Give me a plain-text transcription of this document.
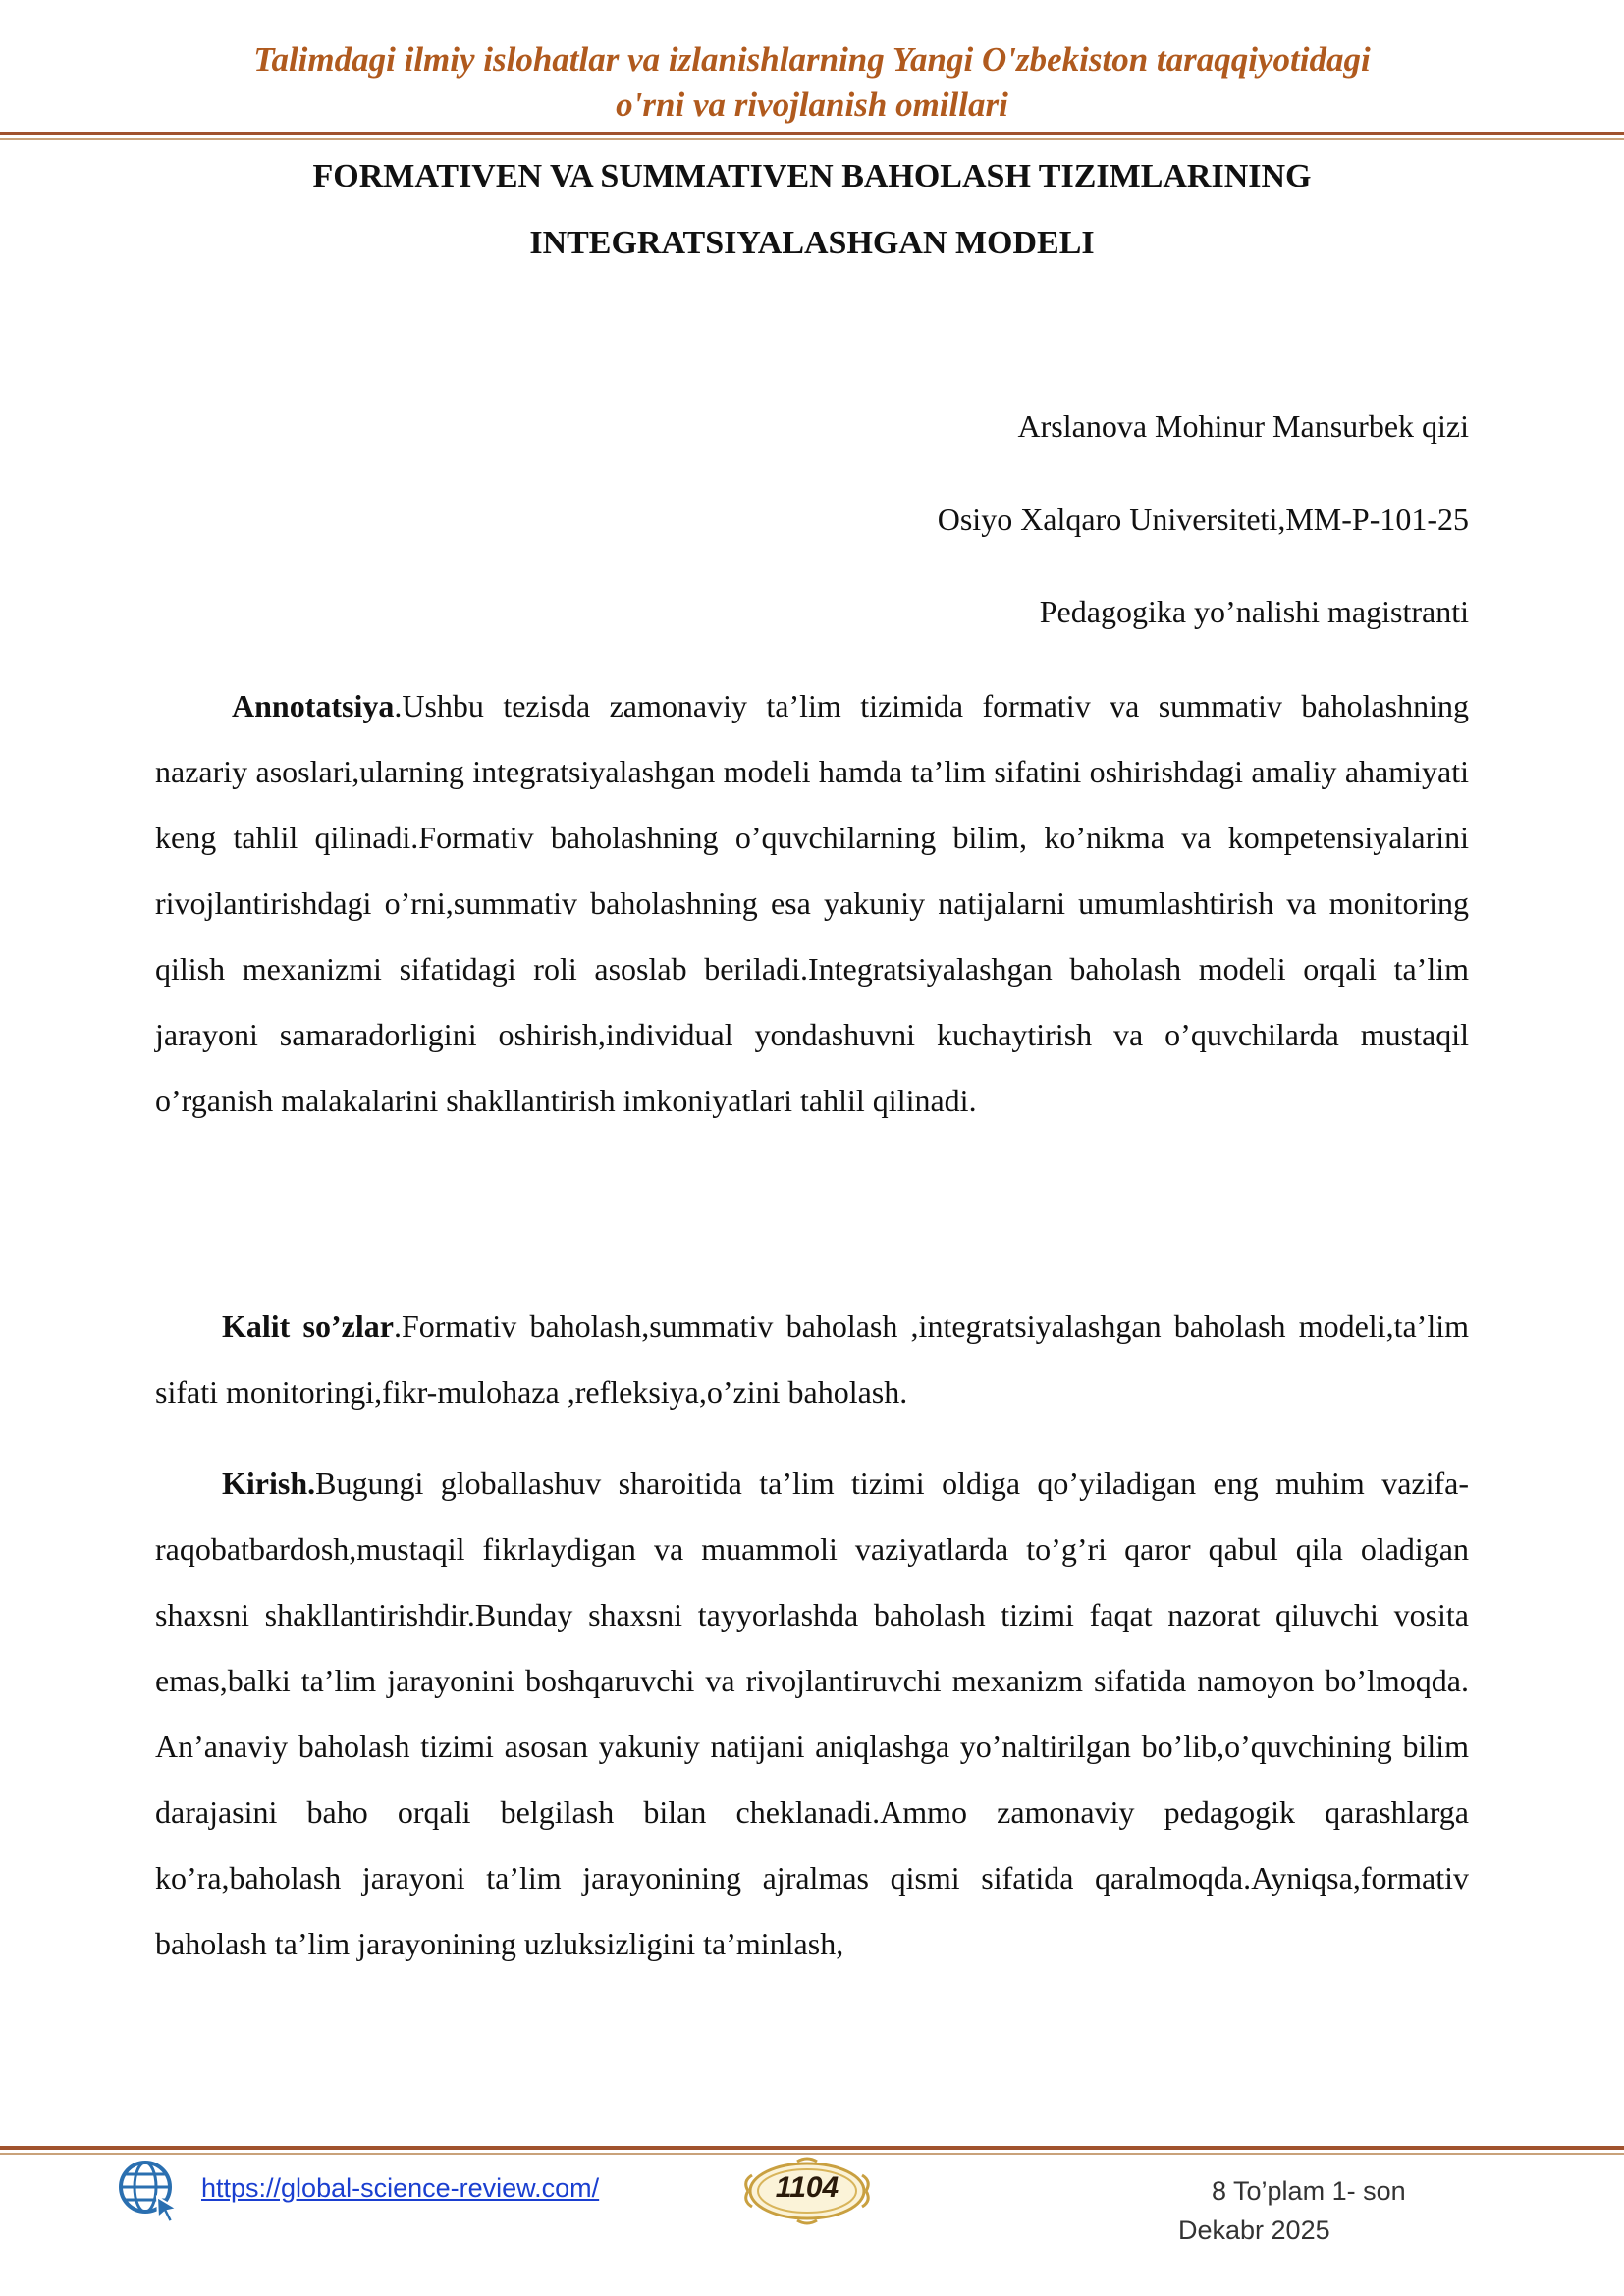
Talimdagi ilmiy islohatlar va izlanishlarning Yangi O'zbekiston taraqqiyotidagi
o'rni va rivojlanish omillari
FORMATIVEN VA SUMMATIVEN BAHOLASH TIZIMLARINING
INTEGRATSIYALASHGAN MODELI
Arslanova Mohinur Mansurbek qizi
Osiyo Xalqaro Universiteti,MM-P-101-25
Pedagogika yo’nalishi magistranti
Annotatsiya.Ushbu tezisda zamonaviy ta’lim tizimida formativ va summativ baholashning nazariy asoslari,ularning integratsiyalashgan modeli hamda ta’lim sifatini oshirishdagi amaliy ahamiyati keng tahlil qilinadi.Formativ baholashning o’quvchilarning bilim, ko’nikma va kompetensiyalarini rivojlantirishdagi o’rni,summativ baholashning esa yakuniy natijalarni umumlashtirish va monitoring qilish mexanizmi sifatidagi roli asoslab beriladi.Integratsiyalashgan baholash modeli orqali ta’lim jarayoni samaradorligini oshirish,individual yondashuvni kuchaytirish va o’quvchilarda mustaqil o’rganish malakalarini shakllantirish imkoniyatlari tahlil qilinadi.
Kalit so’zlar.Formativ baholash,summativ baholash ,integratsiyalashgan baholash modeli,ta’lim sifati monitoringi,fikr-mulohaza ,refleksiya,o’zini baholash.
Kirish.Bugungi globallashuv sharoitida ta’lim tizimi oldiga qo’yiladigan eng muhim vazifa-raqobatbardosh,mustaqil fikrlaydigan va muammoli vaziyatlarda to’g’ri qaror qabul qila oladigan shaxsni shakllantirishdir.Bunday shaxsni tayyorlashda baholash tizimi faqat nazorat qiluvchi vosita emas,balki ta’lim jarayonini boshqaruvchi va rivojlantiruvchi mexanizm sifatida namoyon bo’lmoqda. An’anaviy baholash tizimi asosan yakuniy natijani aniqlashga yo’naltirilgan bo’lib,o’quvchining bilim darajasini baho orqali belgilash bilan cheklanadi.Ammo zamonaviy pedagogik qarashlarga ko’ra,baholash jarayoni ta’lim jarayonining ajralmas qismi sifatida qaralmoqda.Ayniqsa,formativ baholash ta’lim jarayonining uzluksizligini ta’minlash,
https://global-science-review.com/	1104	8 To’plam 1- son
Dekabr 2025
